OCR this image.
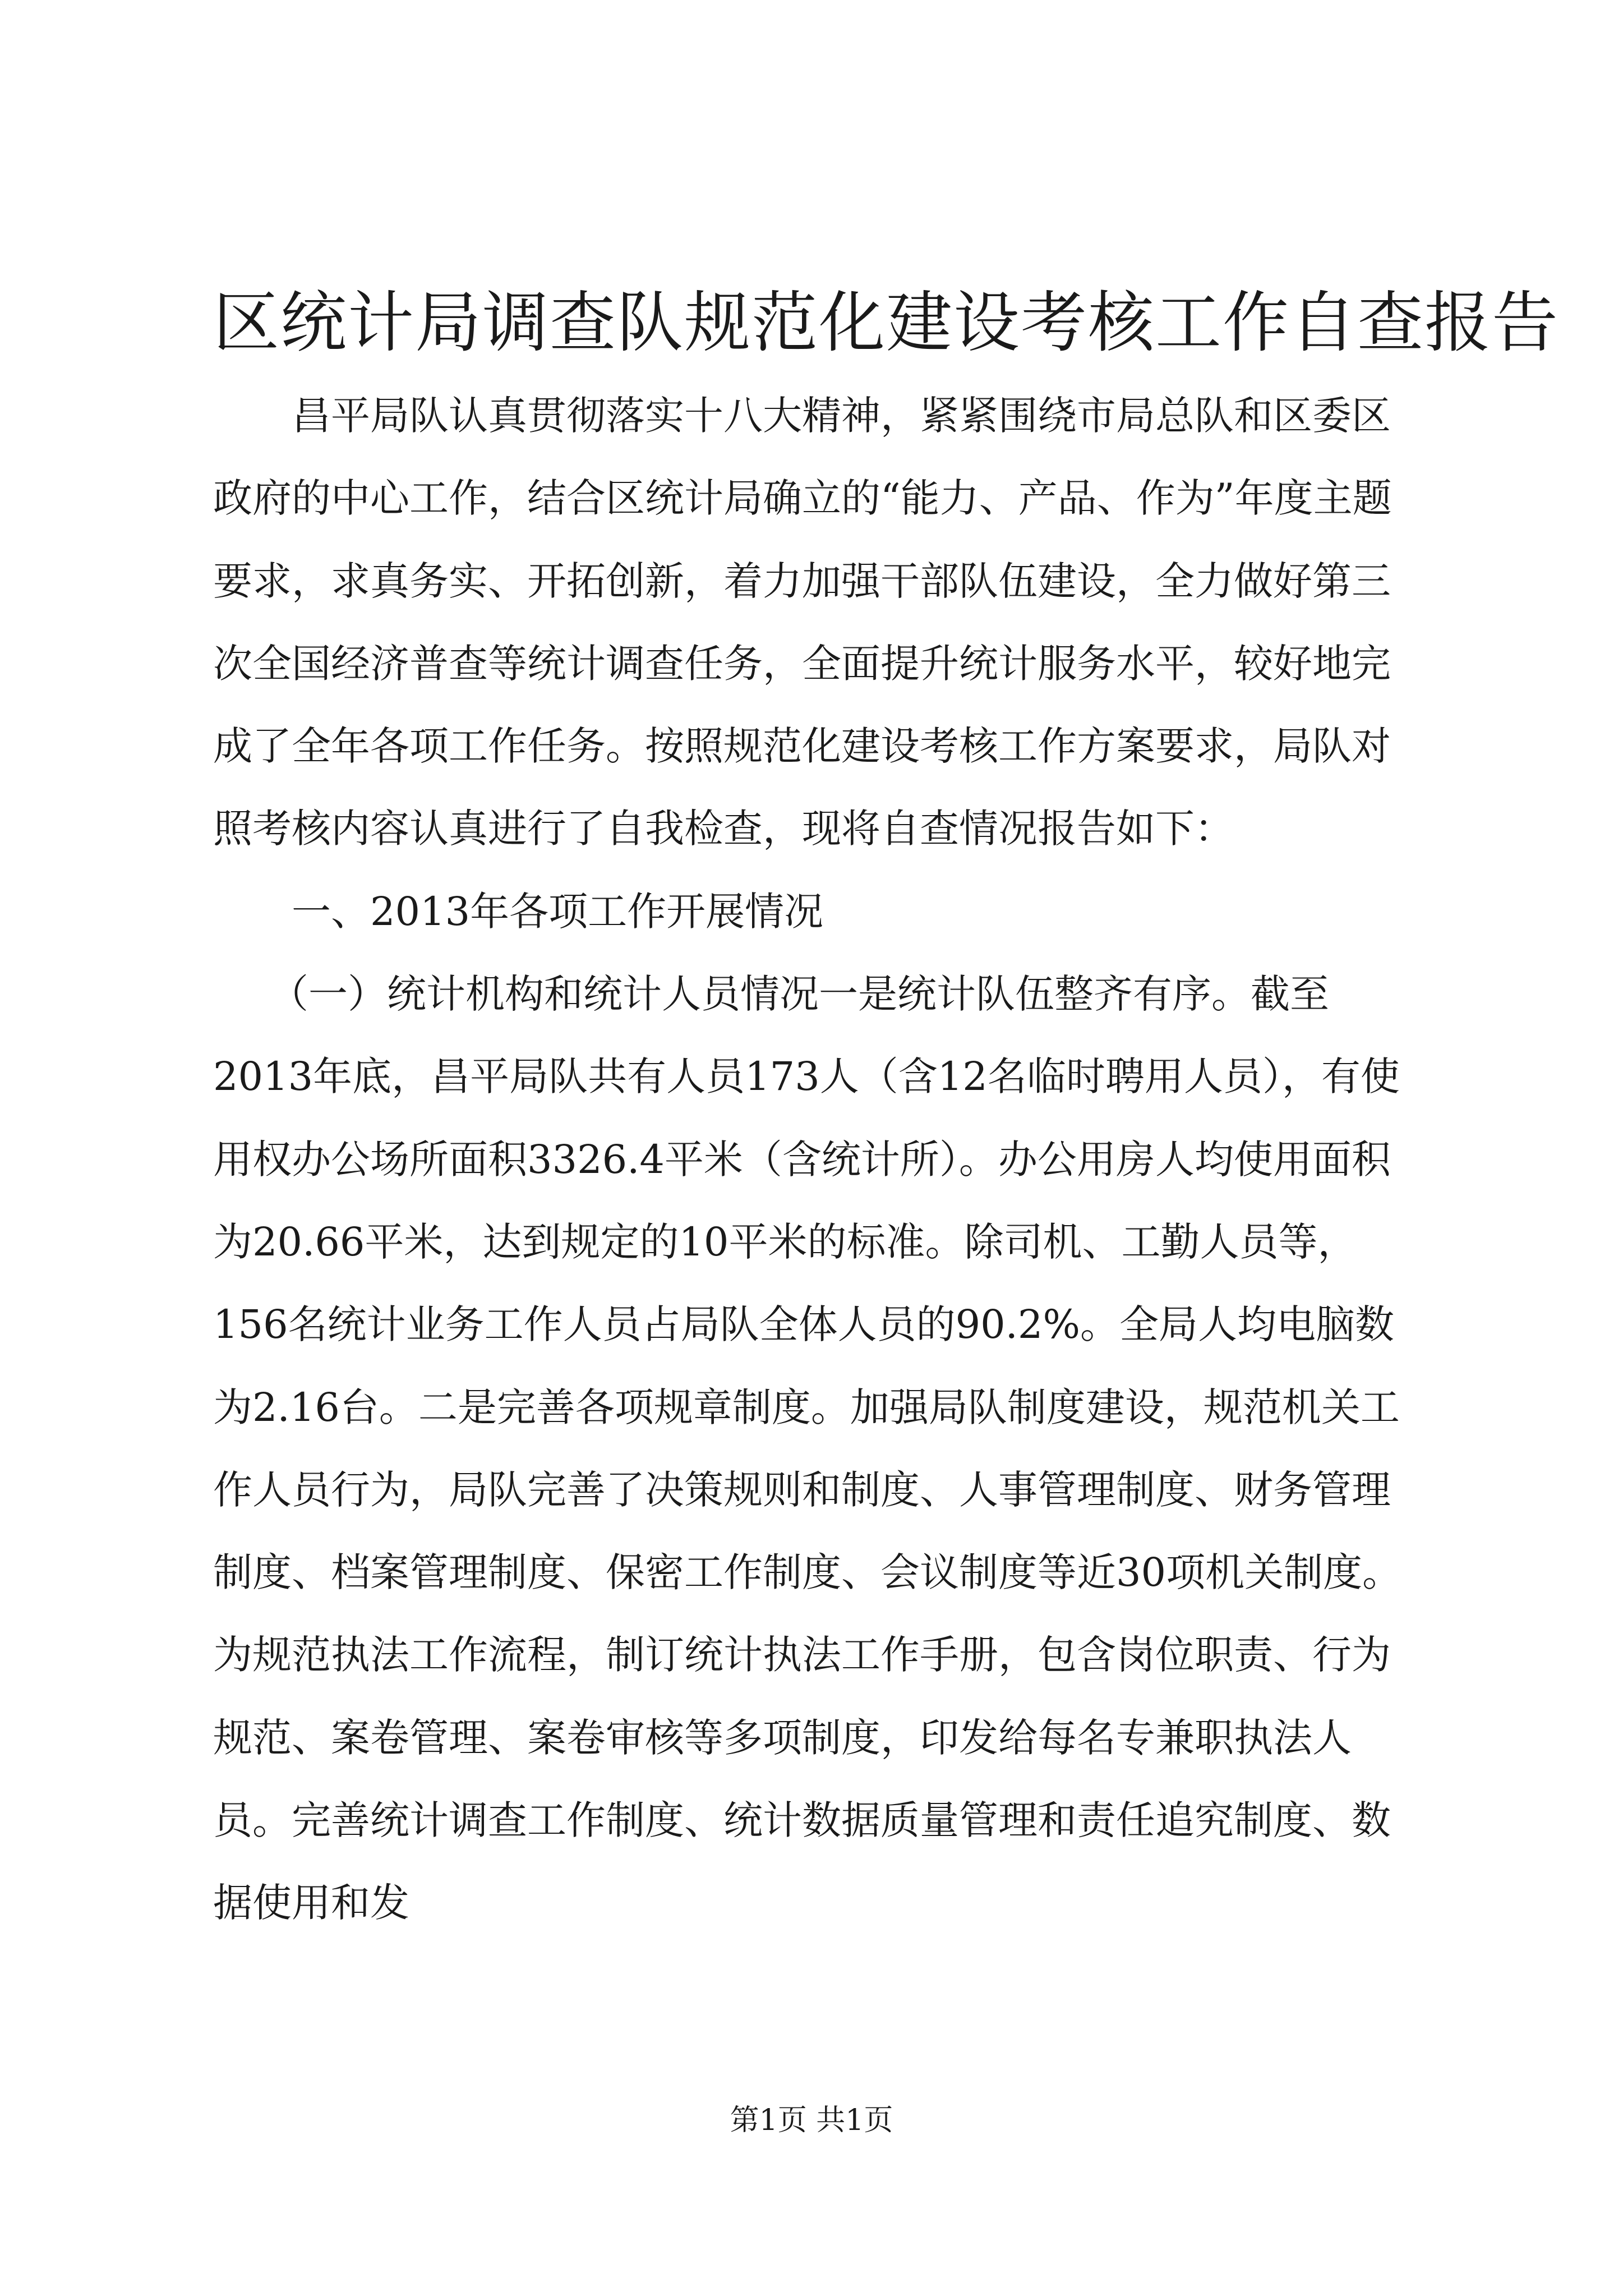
区统计局调查队规范化建设考核工作自查报告

昌平局队认真贯彻落实十八大精神，紧紧围绕市局总队和区委区政府的中心工作，结合区统计局确立的“能力、产品、作为”年度主题要求，求真务实、开拓创新，着力加强干部队伍建设，全力做好第三次全国经济普查等统计调查任务，全面提升统计服务水平，较好地完成了全年各项工作任务。按照规范化建设考核工作方案要求，局队对照考核内容认真进行了自我检查，现将自查情况报告如下：

一、2013年各项工作开展情况

（一）统计机构和统计人员情况一是统计队伍整齐有序。截至2013年底，昌平局队共有人员173人（含12名临时聘用人员），有使用权办公场所面积3326.4平米（含统计所）。办公用房人均使用面积为20.66平米，达到规定的10平米的标准。除司机、工勤人员等，156名统计业务工作人员占局队全体人员的90.2%。全局人均电脑数为2.16台。二是完善各项规章制度。加强局队制度建设，规范机关工作人员行为，局队完善了决策规则和制度、人事管理制度、财务管理制度、档案管理制度、保密工作制度、会议制度等近30项机关制度。为规范执法工作流程，制订统计执法工作手册，包含岗位职责、行为规范、案卷管理、案卷审核等多项制度，印发给每名专兼职执法人员。完善统计调查工作制度、统计数据质量管理和责任追究制度、数据使用和发

第1页 共1页
